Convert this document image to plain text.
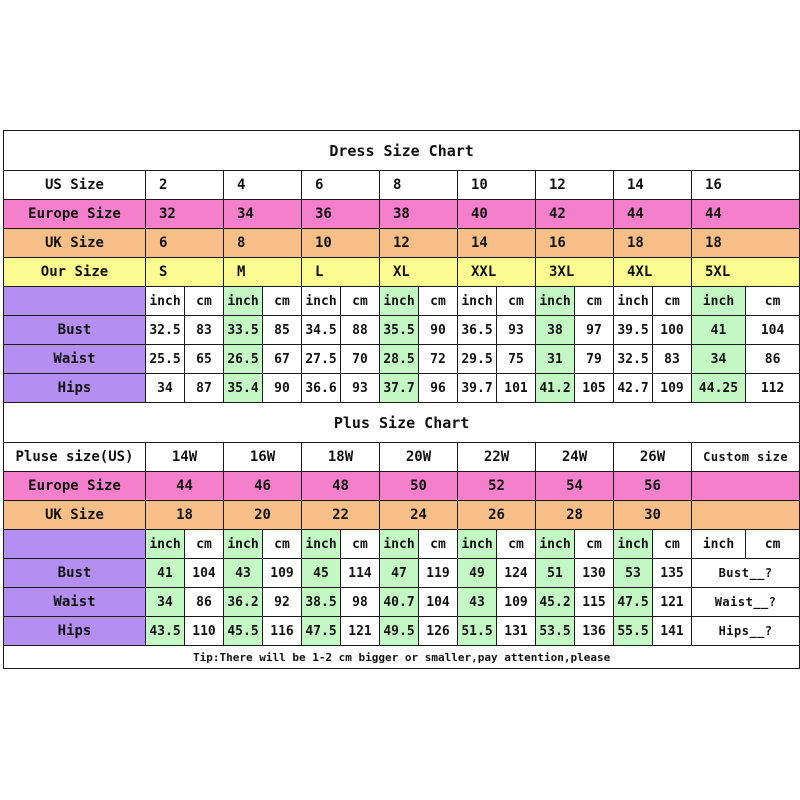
Dress Size Chart																
US Size	2		4		6		8		10		12		14		16	
Europe Size	32		34		36		38		40		42		44		44	
UK Size	6		8		10		12		14		16		18		18	
Our Size	S		M		L		XL		XXL		3XL		4XL		5XL	
	inch	cm	inch	cm	inch	cm	inch	cm	inch	cm	inch	cm	inch	cm	inch	cm
Bust	32.5	83	33.5	85	34.5	88	35.5	90	36.5	93	38	97	39.5	100	41	104
Waist	25.5	65	26.5	67	27.5	70	28.5	72	29.5	75	31	79	32.5	83	34	86
Hips	34	87	35.4	90	36.6	93	37.7	96	39.7	101	41.2	105	42.7	109	44.25	112
Plus Size Chart																
Pluse size(US)	14W		16W		18W		20W		22W		24W		26W		Custom size	
Europe Size	44		46		48		50		52		54		56			
UK Size	18		20		22		24		26		28		30			
	inch	cm	inch	cm	inch	cm	inch	cm	inch	cm	inch	cm	inch	cm	inch	cm
Bust	41	104	43	109	45	114	47	119	49	124	51	130	53	135	Bust__?	
Waist	34	86	36.2	92	38.5	98	40.7	104	43	109	45.2	115	47.5	121	Waist__?	
Hips	43.5	110	45.5	116	47.5	121	49.5	126	51.5	131	53.5	136	55.5	141	Hips__?	
Tip:There will be 1-2 cm bigger or smaller,pay attention,please																
